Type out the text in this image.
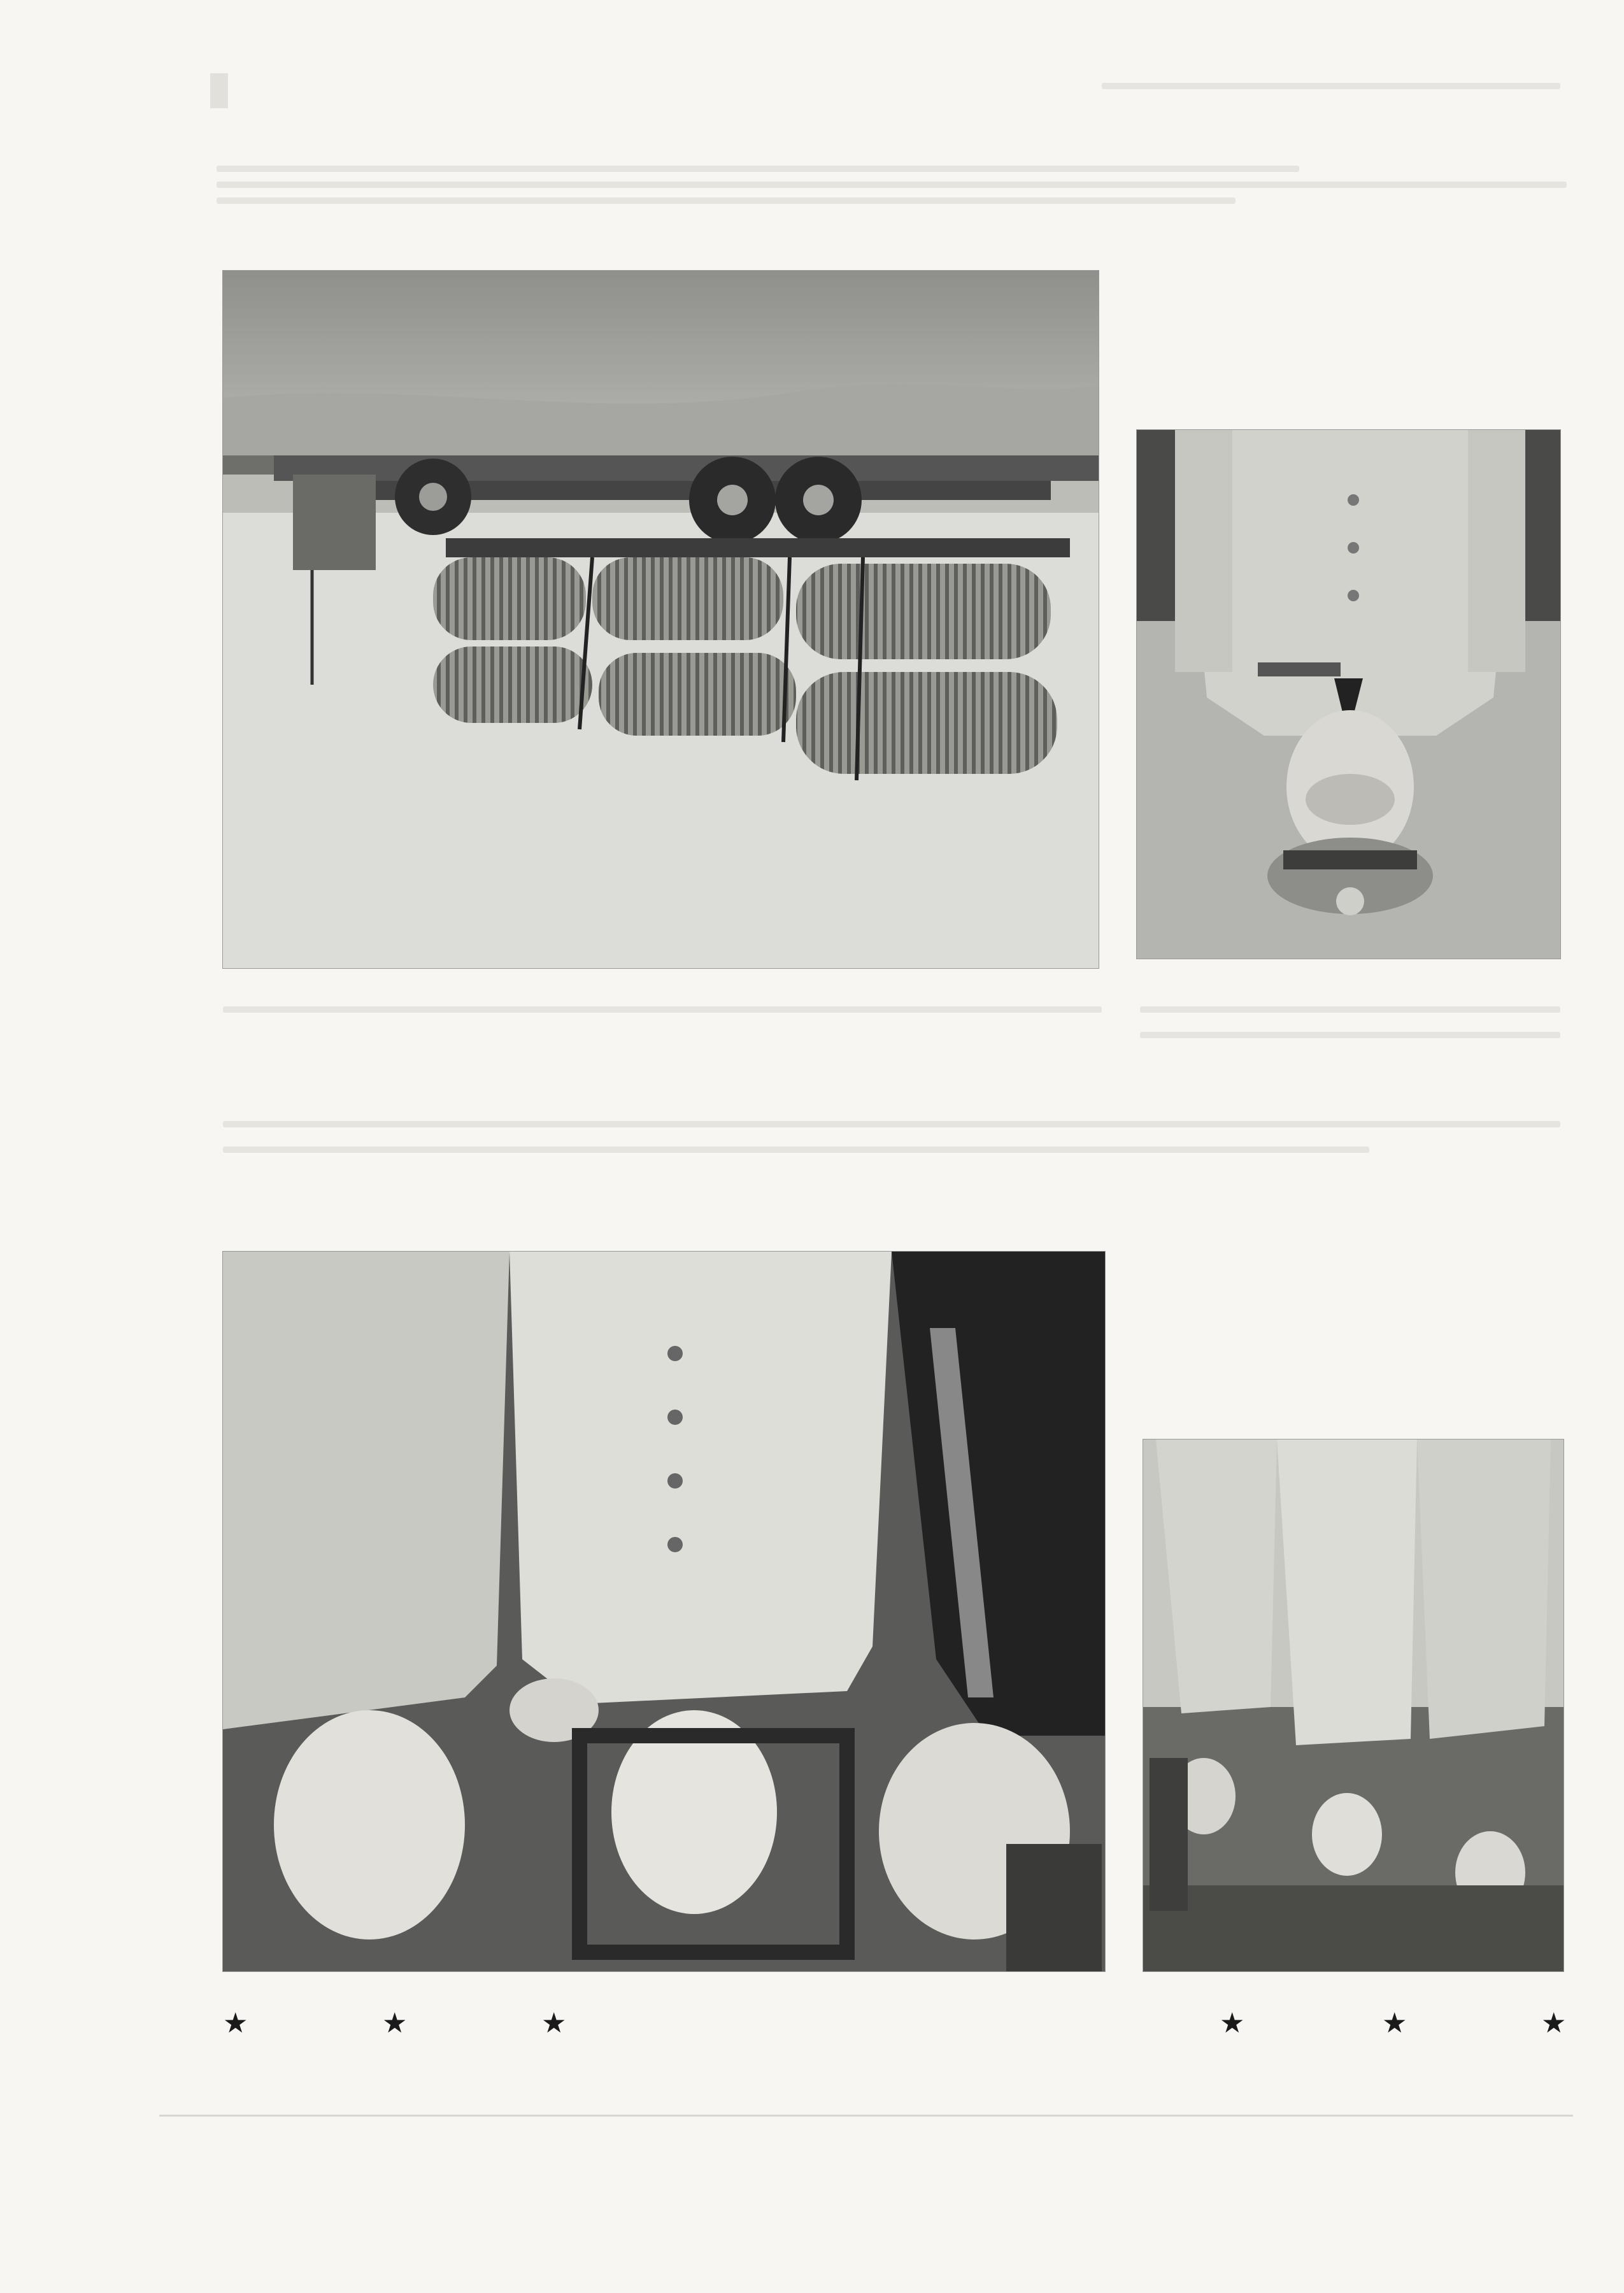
★	★	★	★	★	★
